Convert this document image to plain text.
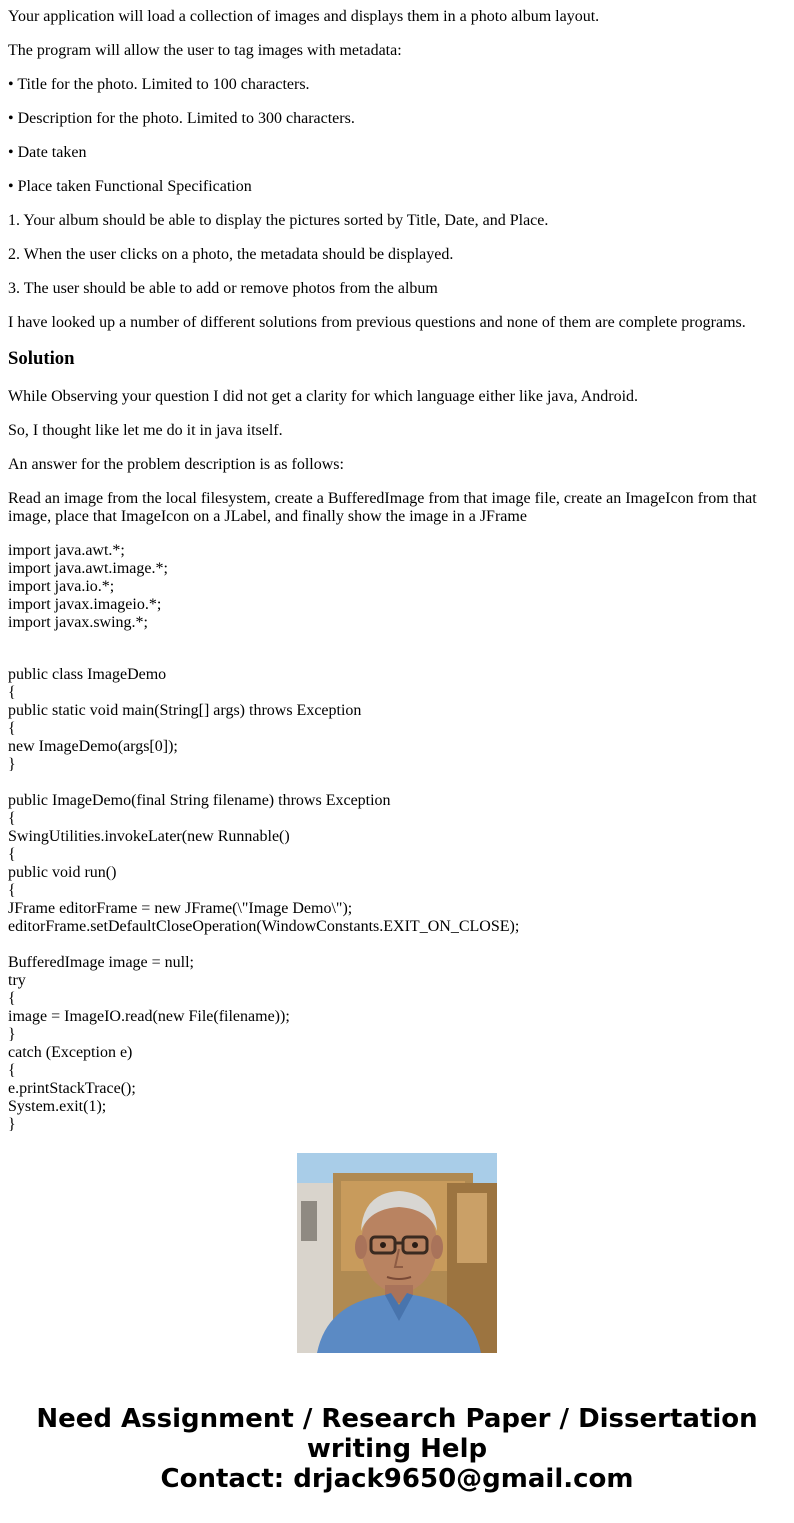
Your application will load a collection of images and displays them in a photo album layout.

The program will allow the user to tag images with metadata:

• Title for the photo. Limited to 100 characters.

• Description for the photo. Limited to 300 characters.

• Date taken

• Place taken Functional Specification

1. Your album should be able to display the pictures sorted by Title, Date, and Place.

2. When the user clicks on a photo, the metadata should be displayed.

3. The user should be able to add or remove photos from the album

I have looked up a number of different solutions from previous questions and none of them are complete programs.

Solution

While Observing your question I did not get a clarity for which language either like java, Android.

So, I thought like let me do it in java itself.

An answer for the problem description is as follows:

Read an image from the local filesystem, create a BufferedImage from that image file, create an ImageIcon from that image, place that ImageIcon on a JLabel, and finally show the image in a JFrame

import java.awt.*;
import java.awt.image.*;
import java.io.*;
import javax.imageio.*;
import javax.swing.*;
public class ImageDemo
{
public static void main(String[] args) throws Exception
{
new ImageDemo(args[0]);
}
public ImageDemo(final String filename) throws Exception
{
SwingUtilities.invokeLater(new Runnable()
{
public void run()
{
JFrame editorFrame = new JFrame(\"Image Demo\");
editorFrame.setDefaultCloseOperation(WindowConstants.EXIT_ON_CLOSE);
BufferedImage image = null;
try
{
image = ImageIO.read(new File(filename));
}
catch (Exception e)
{
e.printStackTrace();
System.exit(1);
}
Need Assignment / Research Paper / Dissertation
writing Help
Contact: drjack9650@gmail.com
